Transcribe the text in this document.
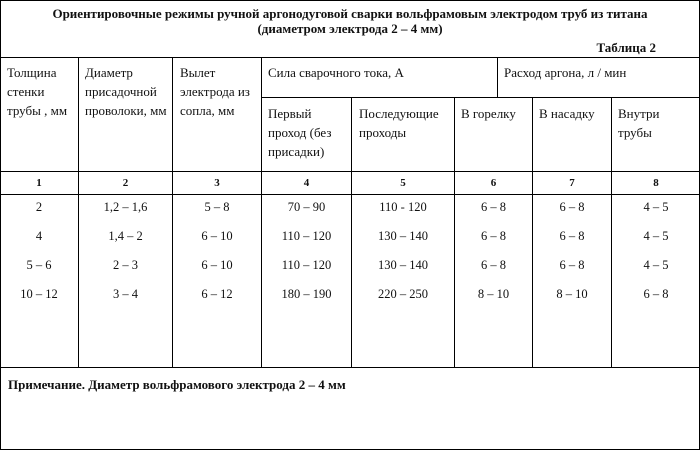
Ориентировочные режимы ручной аргонодуговой сварки вольфрамовым электродом труб из титана
(диаметром электрода 2 – 4 мм)
Таблица 2
Толщина стенки трубы , мм
Диаметр присадочной проволоки, мм
Вылет электрода из сопла, мм
Сила сварочного тока, А	Расход аргона, л / мин
Первый проход (без присадки)
Последующие проходы
В горелку	В насадку	Внутри трубы
1	2	3	4	5	6	7	8
2	1,2 – 1,6	5 – 8	70 – 90	110 - 120	6 – 8	6 – 8	4 – 5
4	1,4 – 2	6 – 10	110 – 120	130 – 140	6 – 8	6 – 8	4 – 5
5 – 6	2 – 3	6 – 10	110 – 120	130 – 140	6 – 8	6 – 8	4 – 5
10 – 12	3 – 4	6 – 12	180 – 190	220 – 250	8 – 10	8 – 10	6 – 8
Примечание. Диаметр вольфрамового электрода 2 – 4 мм
